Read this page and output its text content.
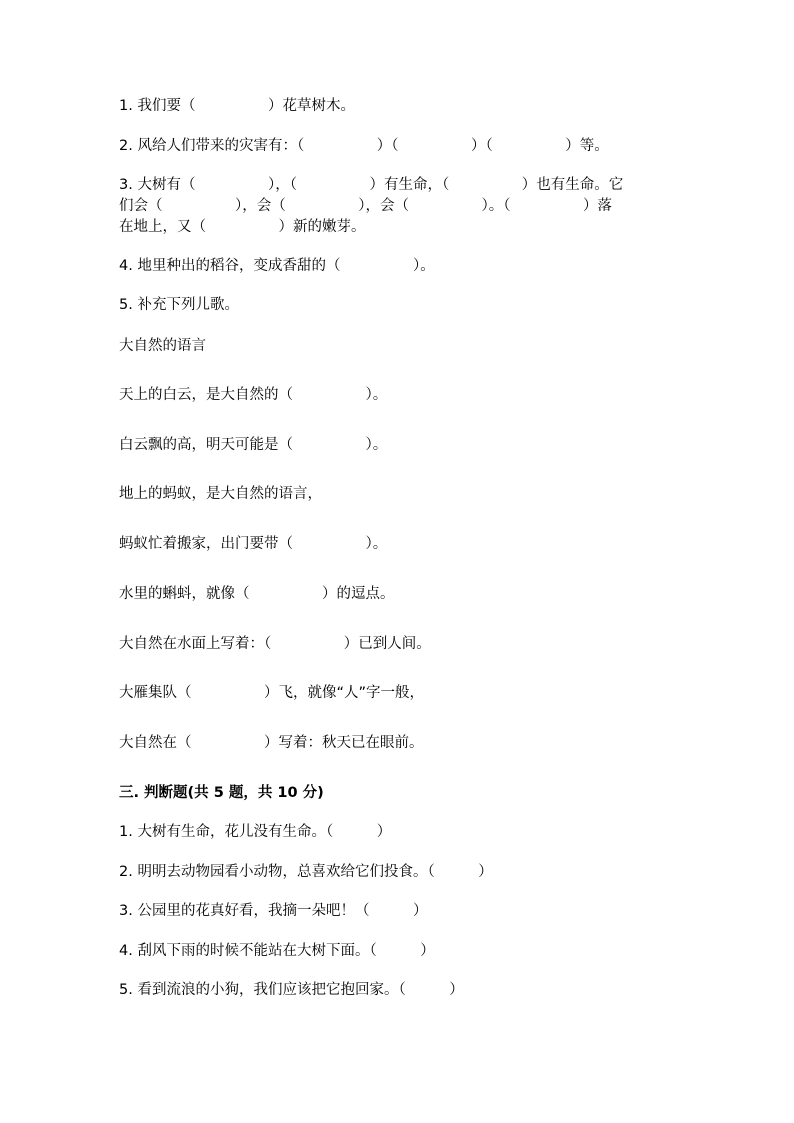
1. 我们要（　　　　　）花草树木。
2. 风给人们带来的灾害有：（　　　　　）（　　　　　）（　　　　　）等。
3. 大树有（　　　　　），（　　　　　）有生命，（　　　　　）也有生命。它
们会（　　　　　），会（　　　　　），会（　　　　　）。（　　　　　）落
在地上，又（　　　　　）新的嫩芽。
4. 地里种出的稻谷，变成香甜的（　　　　　）。
5. 补充下列儿歌。
大自然的语言
天上的白云，是大自然的（　　　　　）。
白云飘的高，明天可能是（　　　　　）。
地上的蚂蚁，是大自然的语言，
蚂蚁忙着搬家，出门要带（　　　　　）。
水里的蝌蚪，就像（　　　　　）的逗点。
大自然在水面上写着：（　　　　　）已到人间。
大雁集队（　　　　　）飞，就像“人”字一般，
大自然在（　　　　　）写着：秋天已在眼前。
三. 判断题(共 5 题，共 10 分)
1. 大树有生命，花儿没有生命。（　　　）
2. 明明去动物园看小动物，总喜欢给它们投食。（　　　）
3. 公园里的花真好看，我摘一朵吧！（　　　）
4. 刮风下雨的时候不能站在大树下面。（　　　）
5. 看到流浪的小狗，我们应该把它抱回家。（　　　）
